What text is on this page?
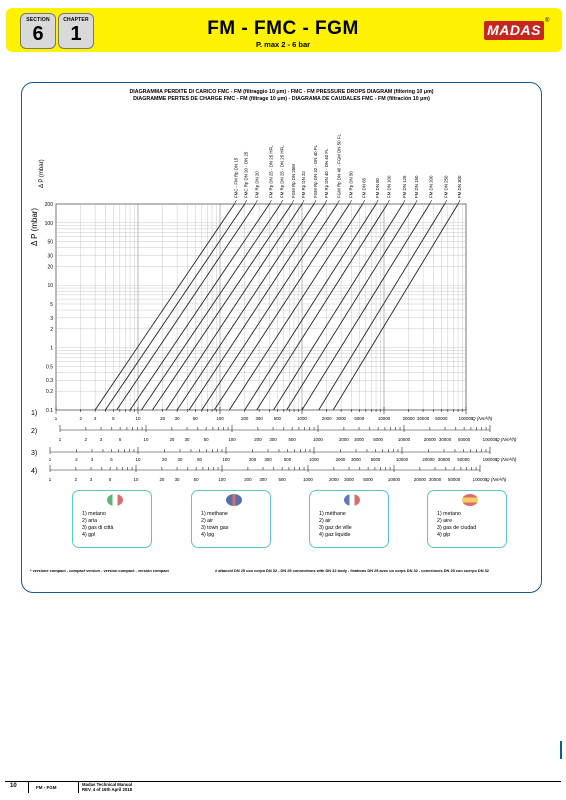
SECTION
6
CHAPTER
1	FM - FMC - FGM
P. max 2 - 6 bar
MADAS
®
DIAGRAMMA PERDITE DI CARICO FMC - FM (filtraggio 10 μm) - FMC - FM PRESSURE DROPS DIAGRAM (filtering 10 μm)
DIAGRAMME PERTES DE CHARGE FMC - FM (filtrage 10 μm) - DIAGRAMA DE CAUDALES FMC - FM (filtración 10 μm)
0.1
0.2
0.3
0.5
1
2
3
5
10
20
30
50
100
200
FMC - FM Rp DN 15 FMC Rp DN 20 - DN 25 FM Rp DN 20 FM Rp DN 25 - DN 25 HFL FM Rp DN 25 - DN 25 HFL FGM Rp DN 25M FM Rp DN 32 FGM Rp DN 32 - DN 40 FL FM Rp DN 40 - DN 40 FL FGM Rp DN 40 - FGM DN 50 FL FM Rp DN 50 FM DN 65 FM DN 80 FM DN 100 FM DN 125 FM DN 150 FM DN 200 FM DN 250 FM DN 300
1)
1	2	3	5	10	20 30	50	100	200 300 500	1000	2000 3000 5000	10000	20000 30000 50000	100000
Q (Nm³/h)
2)
1	2	3	5	10	20 30	50	100	200 300	500	1000	2000 3000 5000	10000	20000 30000 50000	100000
Q (Nm³/h)
3)
1	2	3	5	10	20 30	50	100	200 300	500	1000	2000 3000 5000	10000	20000 30000 50000	100000
Q (Nm³/h)
4)
1	2	3	5	10	20 30	50	100	200 300	500	1000	2000 3000 5000	10000	20000 30000 50000	100000
Q (Nm³/h)
Δ P (mbar)
Δ P (mbar)
1) metano
2) aria
3) gas di città
4) gpl
1) methane
2) air
3) town gas
4) lpg
1) méthane
2) air
3) gaz de ville
4) gaz liquide
1) metano
2) aire
3) gas de ciudad
4) glp
* versione compact - compact version - version compact - versión compact	# attacchi DN 25 con corpo DN 32 - DN 25 connections with DN 32 body - fixations DN 25 avec un corps DN 32 - conexiones DN 25 con cuerpo DN 32
10	FM - FGM
Madas Technical Manual
REV. 4 of 16th April 2018
